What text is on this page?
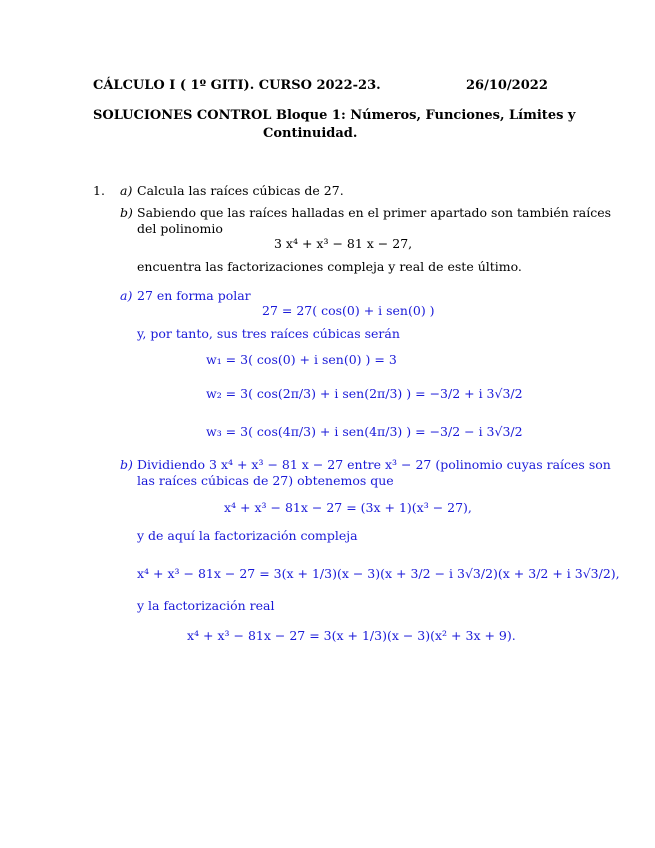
CÁLCULO I ( 1º GITI). CURSO 2022-23.	26/10/2022
SOLUCIONES CONTROL Bloque 1: Números, Funciones, Límites y
Continuidad.
1. a) Calcula las raíces cúbicas de 27.
b) Sabiendo que las raíces halladas en el primer apartado son también raíces
del polinomio
3 x⁴ + x³ − 81 x − 27,
encuentra las factorizaciones compleja y real de este último.
a) 27 en forma polar
27 = 27( cos(0) + i sen(0) )
y, por tanto, sus tres raíces cúbicas serán
w₁ = 3( cos(0) + i sen(0) ) = 3
w₂ = 3( cos(2π/3) + i sen(2π/3) ) = −3/2 + i 3√3/2
w₃ = 3( cos(4π/3) + i sen(4π/3) ) = −3/2 − i 3√3/2
b) Dividiendo 3 x⁴ + x³ − 81 x − 27 entre x³ − 27 (polinomio cuyas raíces son
las raíces cúbicas de 27) obtenemos que
x⁴ + x³ − 81x − 27 = (3x + 1)(x³ − 27),
y de aquí la factorización compleja
x⁴ + x³ − 81x − 27 = 3(x + 1/3)(x − 3)(x + 3/2 − i 3√3/2)(x + 3/2 + i 3√3/2),
y la factorización real
x⁴ + x³ − 81x − 27 = 3(x + 1/3)(x − 3)(x² + 3x + 9).
